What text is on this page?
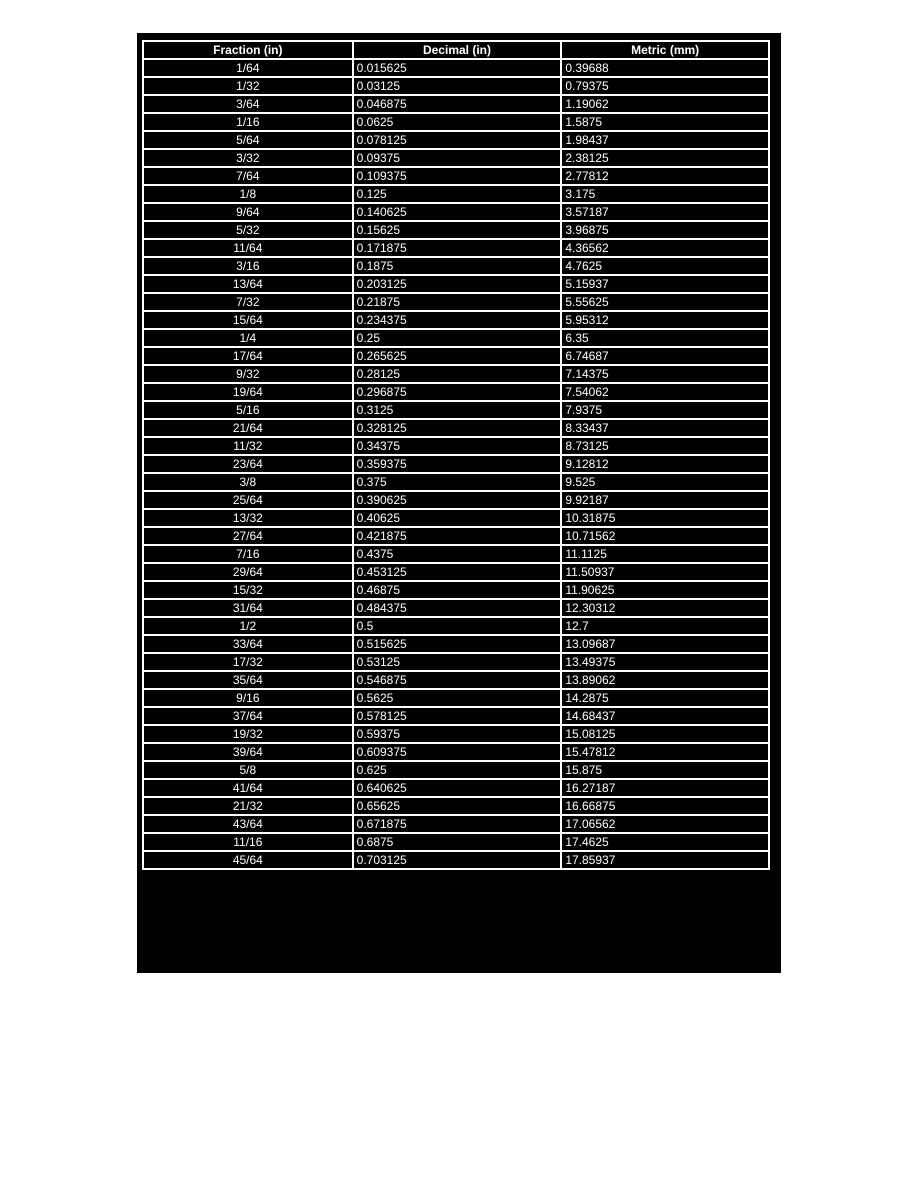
Fraction (in)	Decimal (in)	Metric (mm)
1/64	0.015625	0.39688
1/32	0.03125	0.79375
3/64	0.046875	1.19062
1/16	0.0625	1.5875
5/64	0.078125	1.98437
3/32	0.09375	2.38125
7/64	0.109375	2.77812
1/8	0.125	3.175
9/64	0.140625	3.57187
5/32	0.15625	3.96875
11/64	0.171875	4.36562
3/16	0.1875	4.7625
13/64	0.203125	5.15937
7/32	0.21875	5.55625
15/64	0.234375	5.95312
1/4	0.25	6.35
17/64	0.265625	6.74687
9/32	0.28125	7.14375
19/64	0.296875	7.54062
5/16	0.3125	7.9375
21/64	0.328125	8.33437
11/32	0.34375	8.73125
23/64	0.359375	9.12812
3/8	0.375	9.525
25/64	0.390625	9.92187
13/32	0.40625	10.31875
27/64	0.421875	10.71562
7/16	0.4375	11.1125
29/64	0.453125	11.50937
15/32	0.46875	11.90625
31/64	0.484375	12.30312
1/2	0.5	12.7
33/64	0.515625	13.09687
17/32	0.53125	13.49375
35/64	0.546875	13.89062
9/16	0.5625	14.2875
37/64	0.578125	14.68437
19/32	0.59375	15.08125
39/64	0.609375	15.47812
5/8	0.625	15.875
41/64	0.640625	16.27187
21/32	0.65625	16.66875
43/64	0.671875	17.06562
11/16	0.6875	17.4625
45/64	0.703125	17.85937
